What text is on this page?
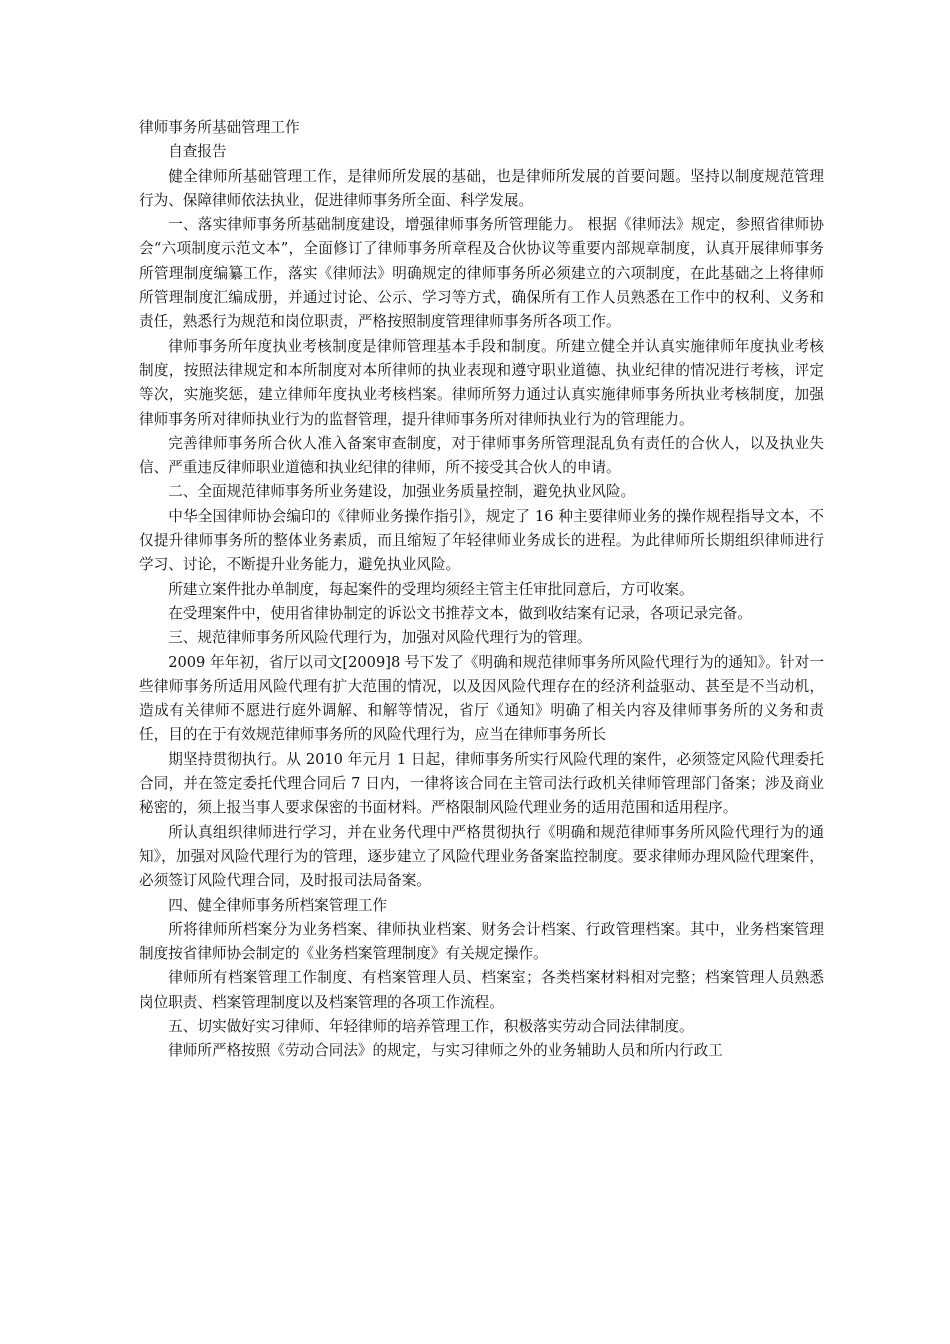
律师事务所基础管理工作

自查报告

健全律师所基础管理工作，是律师所发展的基础，也是律师所发展的首要问题。坚持以制度规范管理行为、保障律师依法执业，促进律师事务所全面、科学发展。

一、落实律师事务所基础制度建设，增强律师事务所管理能力。 根据《律师法》规定，参照省律师协会“六项制度示范文本”，全面修订了律师事务所章程及合伙协议等重要内部规章制度，认真开展律师事务所管理制度编纂工作，落实《律师法》明确规定的律师事务所必须建立的六项制度，在此基础之上将律师所管理制度汇编成册，并通过讨论、公示、学习等方式，确保所有工作人员熟悉在工作中的权利、义务和责任，熟悉行为规范和岗位职责，严格按照制度管理律师事务所各项工作。

律师事务所年度执业考核制度是律师管理基本手段和制度。所建立健全并认真实施律师年度执业考核制度，按照法律规定和本所制度对本所律师的执业表现和遵守职业道德、执业纪律的情况进行考核，评定等次，实施奖惩，建立律师年度执业考核档案。律师所努力通过认真实施律师事务所执业考核制度，加强律师事务所对律师执业行为的监督管理，提升律师事务所对律师执业行为的管理能力。

完善律师事务所合伙人准入备案审查制度，对于律师事务所管理混乱负有责任的合伙人，以及执业失信、严重违反律师职业道德和执业纪律的律师，所不接受其合伙人的申请。

二、全面规范律师事务所业务建设，加强业务质量控制，避免执业风险。

中华全国律师协会编印的《律师业务操作指引》，规定了 16 种主要律师业务的操作规程指导文本，不仅提升律师事务所的整体业务素质，而且缩短了年轻律师业务成长的进程。为此律师所长期组织律师进行学习、讨论，不断提升业务能力，避免执业风险。

所建立案件批办单制度，每起案件的受理均须经主管主任审批同意后，方可收案。

在受理案件中，使用省律协制定的诉讼文书推荐文本，做到收结案有记录，各项记录完备。

三、规范律师事务所风险代理行为，加强对风险代理行为的管理。

2009 年年初，省厅以司文[2009]8 号下发了《明确和规范律师事务所风险代理行为的通知》。针对一些律师事务所适用风险代理有扩大范围的情况，以及因风险代理存在的经济利益驱动、甚至是不当动机，造成有关律师不愿进行庭外调解、和解等情况，省厅《通知》明确了相关内容及律师事务所的义务和责任，目的在于有效规范律师事务所的风险代理行为，应当在律师事务所长

期坚持贯彻执行。从 2010 年元月 1 日起，律师事务所实行风险代理的案件，必须签定风险代理委托合同，并在签定委托代理合同后 7 日内，一律将该合同在主管司法行政机关律师管理部门备案；涉及商业秘密的，须上报当事人要求保密的书面材料。严格限制风险代理业务的适用范围和适用程序。

所认真组织律师进行学习，并在业务代理中严格贯彻执行《明确和规范律师事务所风险代理行为的通知》，加强对风险代理行为的管理，逐步建立了风险代理业务备案监控制度。要求律师办理风险代理案件，必须签订风险代理合同，及时报司法局备案。

四、健全律师事务所档案管理工作

所将律师所档案分为业务档案、律师执业档案、财务会计档案、行政管理档案。其中，业务档案管理制度按省律师协会制定的《业务档案管理制度》有关规定操作。

律师所有档案管理工作制度、有档案管理人员、档案室；各类档案材料相对完整；档案管理人员熟悉岗位职责、档案管理制度以及档案管理的各项工作流程。

五、切实做好实习律师、年轻律师的培养管理工作，积极落实劳动合同法律制度。

律师所严格按照《劳动合同法》的规定，与实习律师之外的业务辅助人员和所内行政工
